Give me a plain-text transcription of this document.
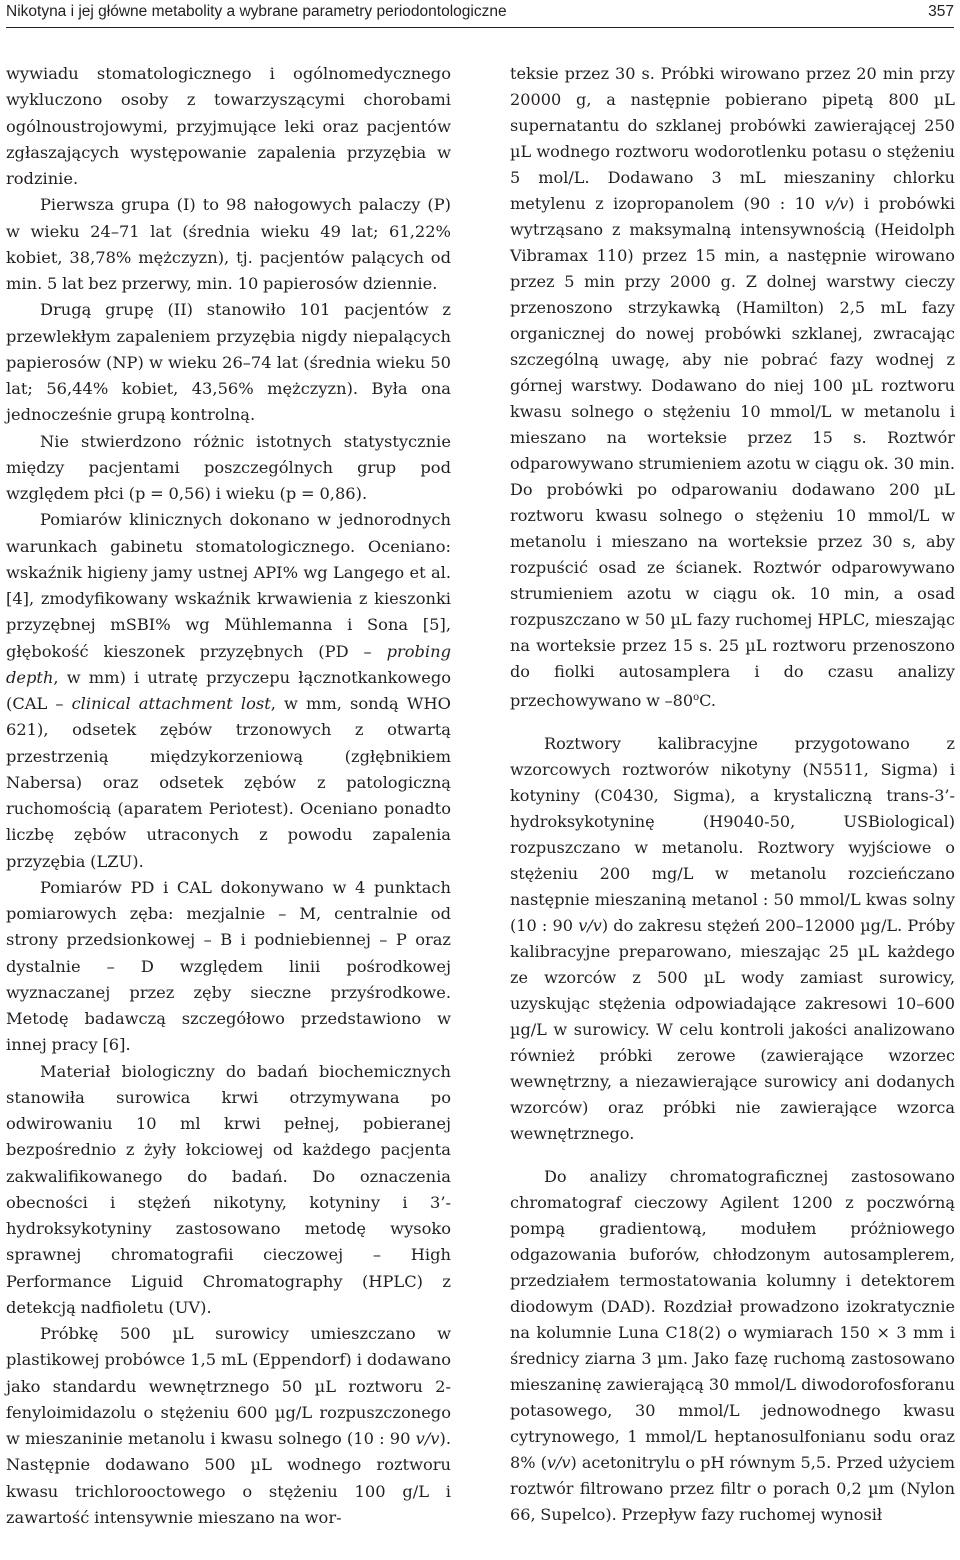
Nikotyna i jej główne metabolity a wybrane parametry periodontologiczne	357

wywiadu stomatologicznego i ogólnomedycznego wykluczono osoby z towarzyszącymi chorobami ogólnoustrojowymi, przyjmujące leki oraz pacjentów zgłaszających występowanie zapalenia przyzębia w rodzinie.

Pierwsza grupa (I) to 98 nałogowych palaczy (P) w wieku 24–71 lat (średnia wieku 49 lat; 61,22% kobiet, 38,78% mężczyzn), tj. pacjentów palących od min. 5 lat bez przerwy, min. 10 papierosów dziennie.

Drugą grupę (II) stanowiło 101 pacjentów z przewlekłym zapaleniem przyzębia nigdy niepalących papierosów (NP) w wieku 26–74 lat (średnia wieku 50 lat; 56,44% kobiet, 43,56% mężczyzn). Była ona jednocześnie grupą kontrolną.

Nie stwierdzono różnic istotnych statystycznie między pacjentami poszczególnych grup pod względem płci (p = 0,56) i wieku (p = 0,86).

Pomiarów klinicznych dokonano w jednorodnych warunkach gabinetu stomatologicznego. Oceniano: wskaźnik higieny jamy ustnej API% wg Langego et al. [4], zmodyfikowany wskaźnik krwawienia z kieszonki przyzębnej mSBI% wg Mühlemanna i Sona [5], głębokość kieszonek przyzębnych (PD – probing depth, w mm) i utratę przyczepu łącznotkankowego (CAL – clinical attachment lost, w mm, sondą WHO 621), odsetek zębów trzonowych z otwartą przestrzenią międzykorzeniową (zgłębnikiem Nabersa) oraz odsetek zębów z patologiczną ruchomością (aparatem Periotest). Oceniano ponadto liczbę zębów utraconych z powodu zapalenia przyzębia (LZU).

Pomiarów PD i CAL dokonywano w 4 punktach pomiarowych zęba: mezjalnie – M, centralnie od strony przedsionkowej – B i podniebiennej – P oraz dystalnie – D względem linii pośrodkowej wyznaczanej przez zęby sieczne przyśrodkowe. Metodę badawczą szczegółowo przedstawiono w innej pracy [6].

Materiał biologiczny do badań biochemicznych stanowiła surowica krwi otrzymywana po odwirowaniu 10 ml krwi pełnej, pobieranej bezpośrednio z żyły łokciowej od każdego pacjenta zakwalifikowanego do badań. Do oznaczenia obecności i stężeń nikotyny, kotyniny i 3’-hydroksykotyniny zastosowano metodę wysoko sprawnej chromatografii cieczowej – High Performance Liguid Chromatography (HPLC) z detekcją nadfioletu (UV).

Próbkę 500 µL surowicy umieszczano w plastikowej probówce 1,5 mL (Eppendorf) i dodawano jako standardu wewnętrznego 50 µL roztworu 2-fenyloimidazolu o stężeniu 600 µg/L rozpuszczonego w mieszaninie metanolu i kwasu solnego (10 : 90 v/v). Następnie dodawano 500 µL wodnego roztworu kwasu trichlorooctowego o stężeniu 100 g/L i zawartość intensywnie mieszano na wor-

teksie przez 30 s. Próbki wirowano przez 20 min przy 20000 g, a następnie pobierano pipetą 800 µL supernatantu do szklanej probówki zawierającej 250 µL wodnego roztworu wodorotlenku potasu o stężeniu 5 mol/L. Dodawano 3 mL mieszaniny chlorku metylenu z izopropanolem (90 : 10 v/v) i probówki wytrząsano z maksymalną intensywnością (Heidolph Vibramax 110) przez 15 min, a następnie wirowano przez 5 min przy 2000 g. Z dolnej warstwy cieczy przenoszono strzykawką (Hamilton) 2,5 mL fazy organicznej do nowej probówki szklanej, zwracając szczególną uwagę, aby nie pobrać fazy wodnej z górnej warstwy. Dodawano do niej 100 µL roztworu kwasu solnego o stężeniu 10 mmol/L w metanolu i mieszano na worteksie przez 15 s. Roztwór odparowywano strumieniem azotu w ciągu ok. 30 min. Do probówki po odparowaniu dodawano 200 µL roztworu kwasu solnego o stężeniu 10 mmol/L w metanolu i mieszano na worteksie przez 30 s, aby rozpuścić osad ze ścianek. Roztwór odparowywano strumieniem azotu w ciągu ok. 10 min, a osad rozpuszczano w 50 µL fazy ruchomej HPLC, mieszając na worteksie przez 15 s. 25 µL roztworu przenoszono do fiolki autosamplera i do czasu analizy przechowywano w –80$^o$C.

Roztwory kalibracyjne przygotowano z wzorcowych roztworów nikotyny (N5511, Sigma) i kotyniny (C0430, Sigma), a krystaliczną trans-3’-hydroksykotyninę (H9040-50, USBiological) rozpuszczano w metanolu. Roztwory wyjściowe o stężeniu 200 mg/L w metanolu rozcieńczano następnie mieszaniną metanol : 50 mmol/L kwas solny (10 : 90 v/v) do zakresu stężeń 200–12000 µg/L. Próby kalibracyjne preparowano, mieszając 25 µL każdego ze wzorców z 500 µL wody zamiast surowicy, uzyskując stężenia odpowiadające zakresowi 10–600 µg/L w surowicy. W celu kontroli jakości analizowano również próbki zerowe (zawierające wzorzec wewnętrzny, a niezawierające surowicy ani dodanych wzorców) oraz próbki nie zawierające wzorca wewnętrznego.

Do analizy chromatograficznej zastosowano chromatograf cieczowy Agilent 1200 z poczwórną pompą gradientową, modułem próżniowego odgazowania buforów, chłodzonym autosamplerem, przedziałem termostatowania kolumny i detektorem diodowym (DAD). Rozdział prowadzono izokratycznie na kolumnie Luna C18(2) o wymiarach 150 × 3 mm i średnicy ziarna 3 µm. Jako fazę ruchomą zastosowano mieszaninę zawierającą 30 mmol/L diwodorofosforanu potasowego, 30 mmol/L jednowodnego kwasu cytrynowego, 1 mmol/L heptanosulfonianu sodu oraz 8% (v/v) acetonitrylu o pH równym 5,5. Przed użyciem roztwór filtrowano przez filtr o porach 0,2 µm (Nylon 66, Supelco). Przepływ fazy ruchomej wynosił
